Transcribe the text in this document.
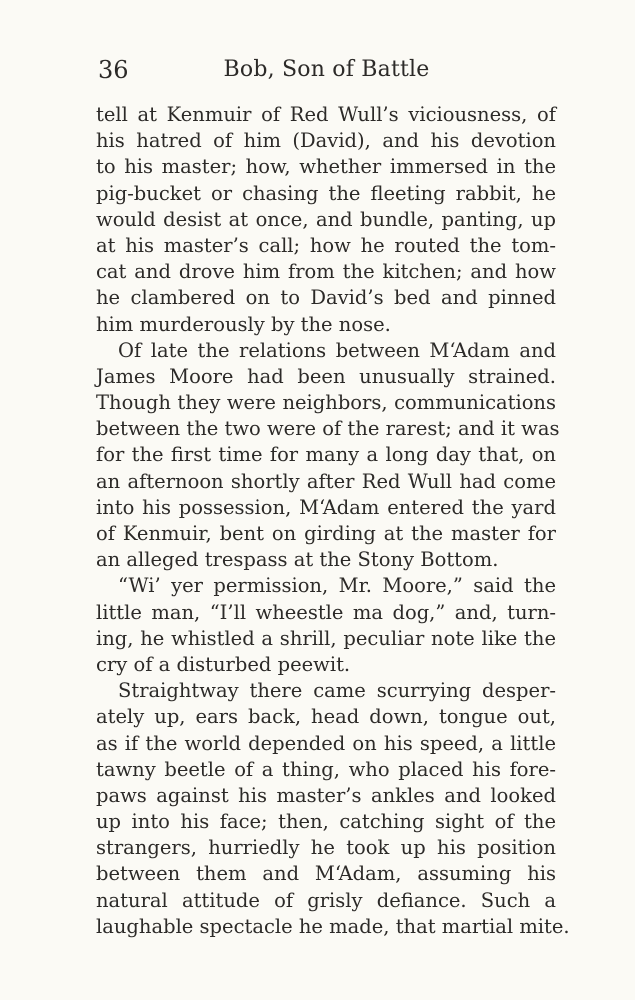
36	Bob, Son of Battle
tell at Kenmuir of Red Wull’s viciousness, of
his hatred of him (David), and his devotion
to his master; how, whether immersed in the
pig-bucket or chasing the fleeting rabbit, he
would desist at once, and bundle, panting, up
at his master’s call; how he routed the tom-
cat and drove him from the kitchen; and how
he clambered on to David’s bed and pinned
him murderously by the nose.
Of late the relations between M‘Adam and
James Moore had been unusually strained.
Though they were neighbors, communications
between the two were of the rarest; and it was
for the first time for many a long day that, on
an afternoon shortly after Red Wull had come
into his possession, M‘Adam entered the yard
of Kenmuir, bent on girding at the master for
an alleged trespass at the Stony Bottom.
“Wi’ yer permission, Mr. Moore,” said the
little man, “I’ll wheestle ma dog,” and, turn-
ing, he whistled a shrill, peculiar note like the
cry of a disturbed peewit.
Straightway there came scurrying desper-
ately up, ears back, head down, tongue out,
as if the world depended on his speed, a little
tawny beetle of a thing, who placed his fore-
paws against his master’s ankles and looked
up into his face; then, catching sight of the
strangers, hurriedly he took up his position
between them and M‘Adam, assuming his
natural attitude of grisly defiance. Such a
laughable spectacle he made, that martial mite.
